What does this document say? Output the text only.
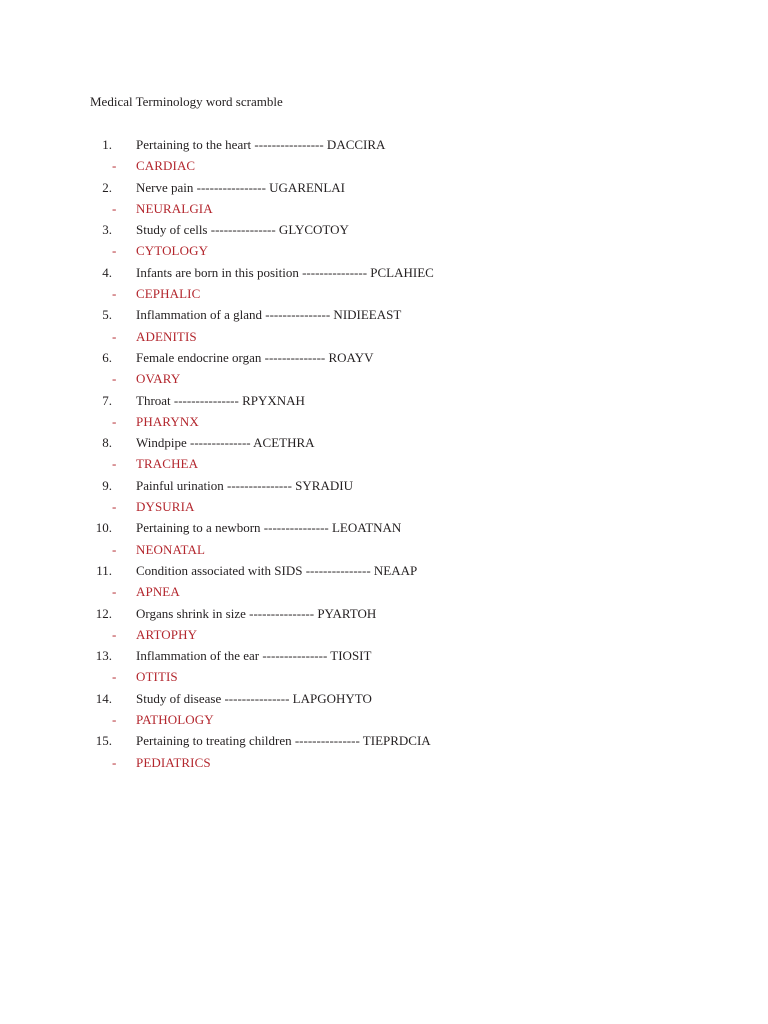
Medical Terminology word scramble
1. Pertaining to the heart ---------------- DACCIRA
- CARDIAC
2. Nerve pain ---------------- UGARENLAI
- NEURALGIA
3. Study of cells --------------- GLYCOTOY
- CYTOLOGY
4. Infants are born in this position --------------- PCLAHIEC
- CEPHALIC
5. Inflammation of a gland --------------- NIDIEEAST
- ADENITIS
6. Female endocrine organ -------------- ROAYV
- OVARY
7. Throat --------------- RPYXNAH
- PHARYNX
8. Windpipe -------------- ACETHRA
- TRACHEA
9. Painful urination --------------- SYRADIU
- DYSURIA
10. Pertaining to a newborn --------------- LEOATNAN
- NEONATAL
11. Condition associated with SIDS --------------- NEAAP
- APNEA
12. Organs shrink in size --------------- PYARTOH
- ARTOPHY
13. Inflammation of the ear --------------- TIOSIT
- OTITIS
14. Study of disease --------------- LAPGOHYTO
- PATHOLOGY
15. Pertaining to treating children --------------- TIEPRDCIA
- PEDIATRICS
